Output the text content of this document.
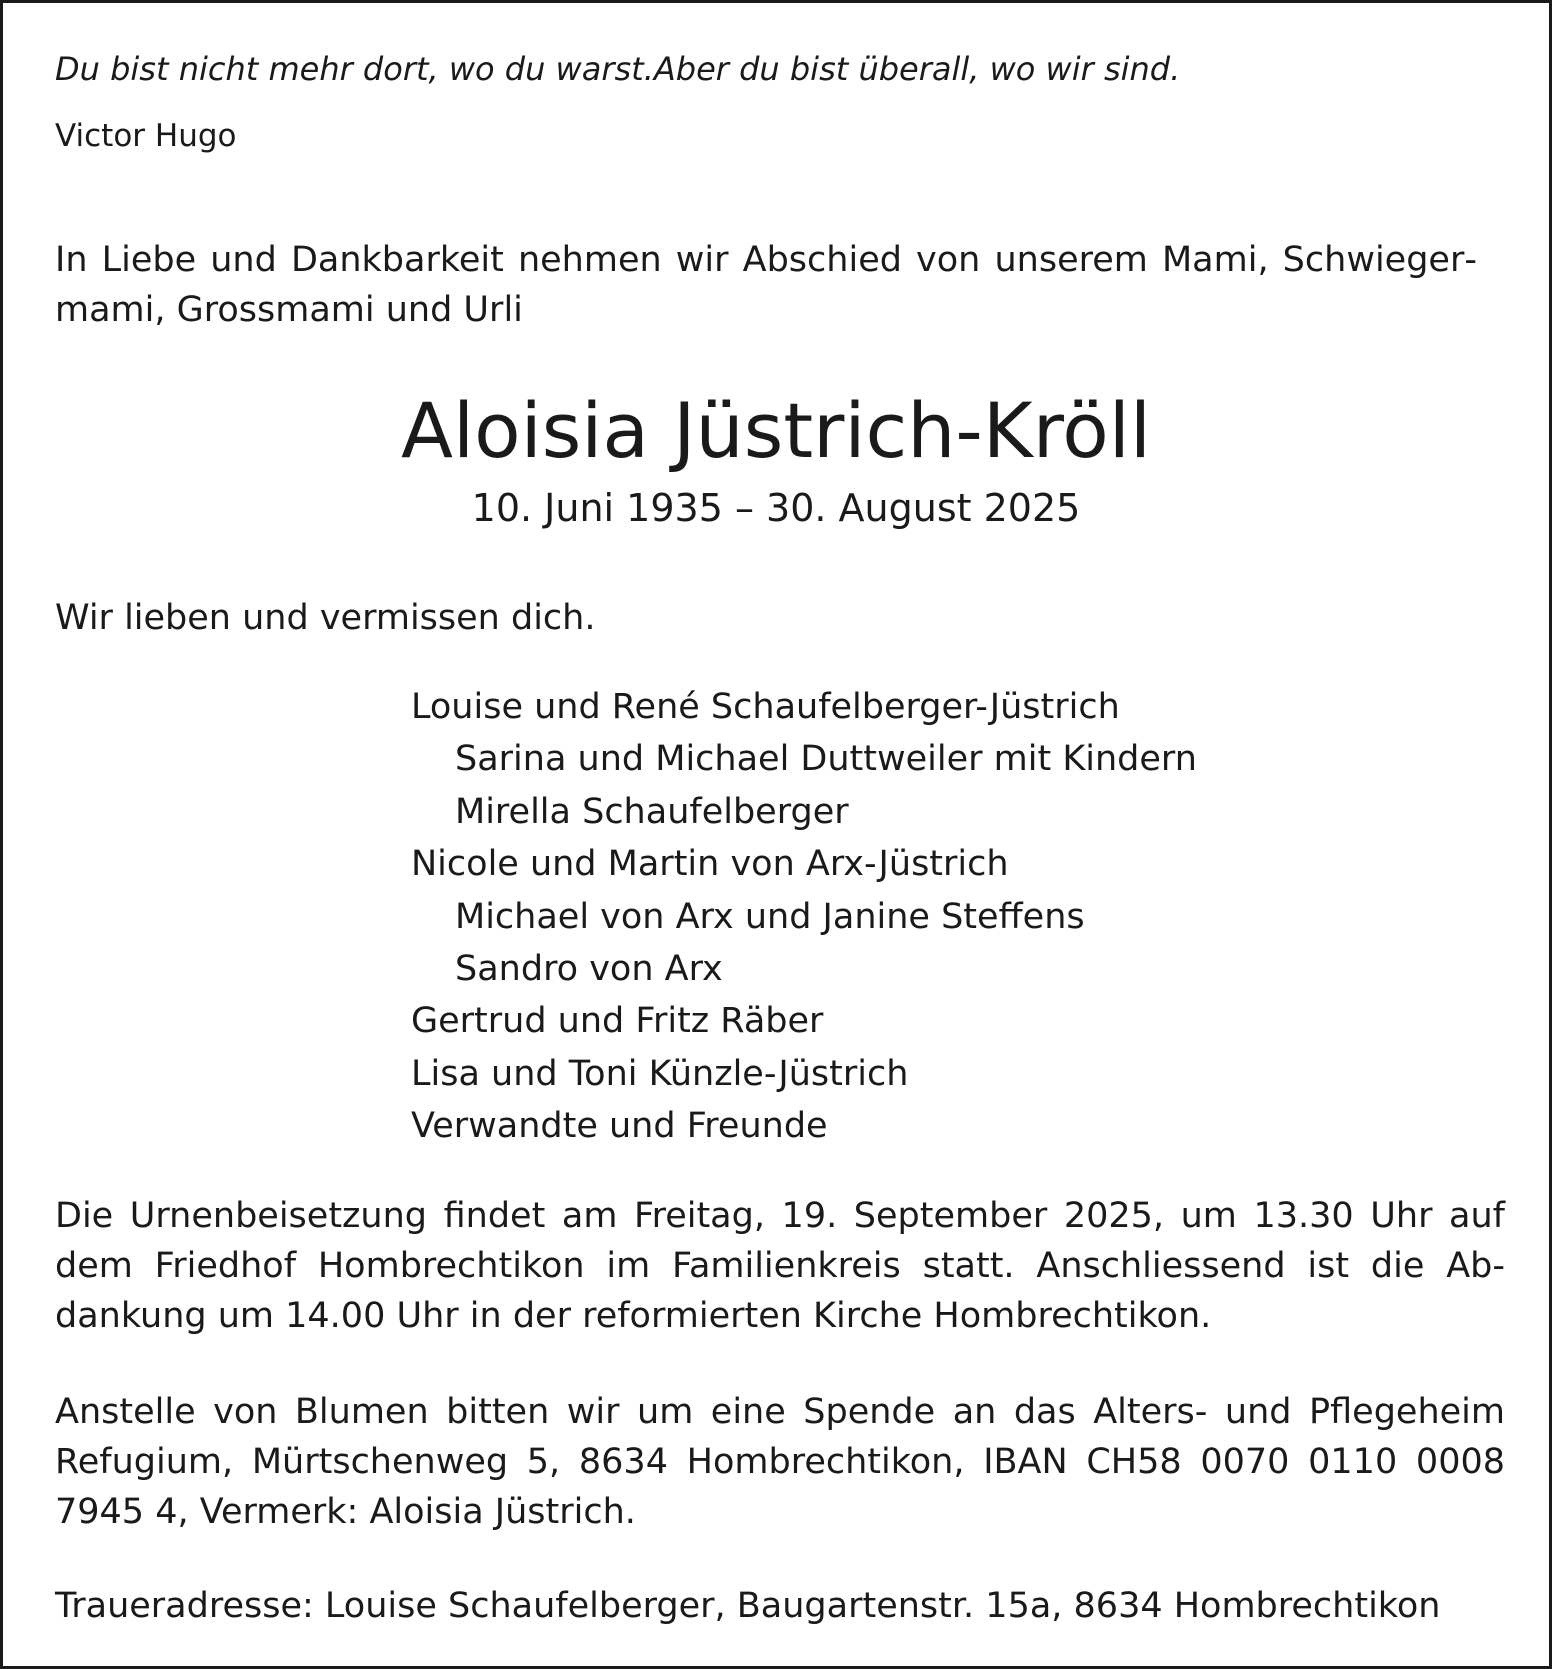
Du bist nicht mehr dort, wo du warst.Aber du bist überall, wo wir sind.
Victor Hugo
In Liebe und Dankbarkeit nehmen wir Abschied von unserem Mami, Schwiegermami, Grossmami und Urli
Aloisia Jüstrich-Kröll
10. Juni 1935 – 30. August 2025
Wir lieben und vermissen dich.
Louise und René Schaufelberger-Jüstrich
Sarina und Michael Duttweiler mit Kindern
Mirella Schaufelberger
Nicole und Martin von Arx-Jüstrich
Michael von Arx und Janine Steffens
Sandro von Arx
Gertrud und Fritz Räber
Lisa und Toni Künzle-Jüstrich
Verwandte und Freunde
Die Urnenbeisetzung findet am Freitag, 19. September 2025, um 13.30 Uhr auf dem Friedhof Hombrechtikon im Familienkreis statt. Anschliessend ist die Abdankung um 14.00 Uhr in der reformierten Kirche Hombrechtikon.
Anstelle von Blumen bitten wir um eine Spende an das Alters- und Pflegeheim Refugium, Mürtschenweg 5, 8634 Hombrechtikon, IBAN CH58 0070 0110 0008 7945 4, Vermerk: Aloisia Jüstrich.
Traueradresse: Louise Schaufelberger, Baugartenstr. 15a, 8634 Hombrechtikon
